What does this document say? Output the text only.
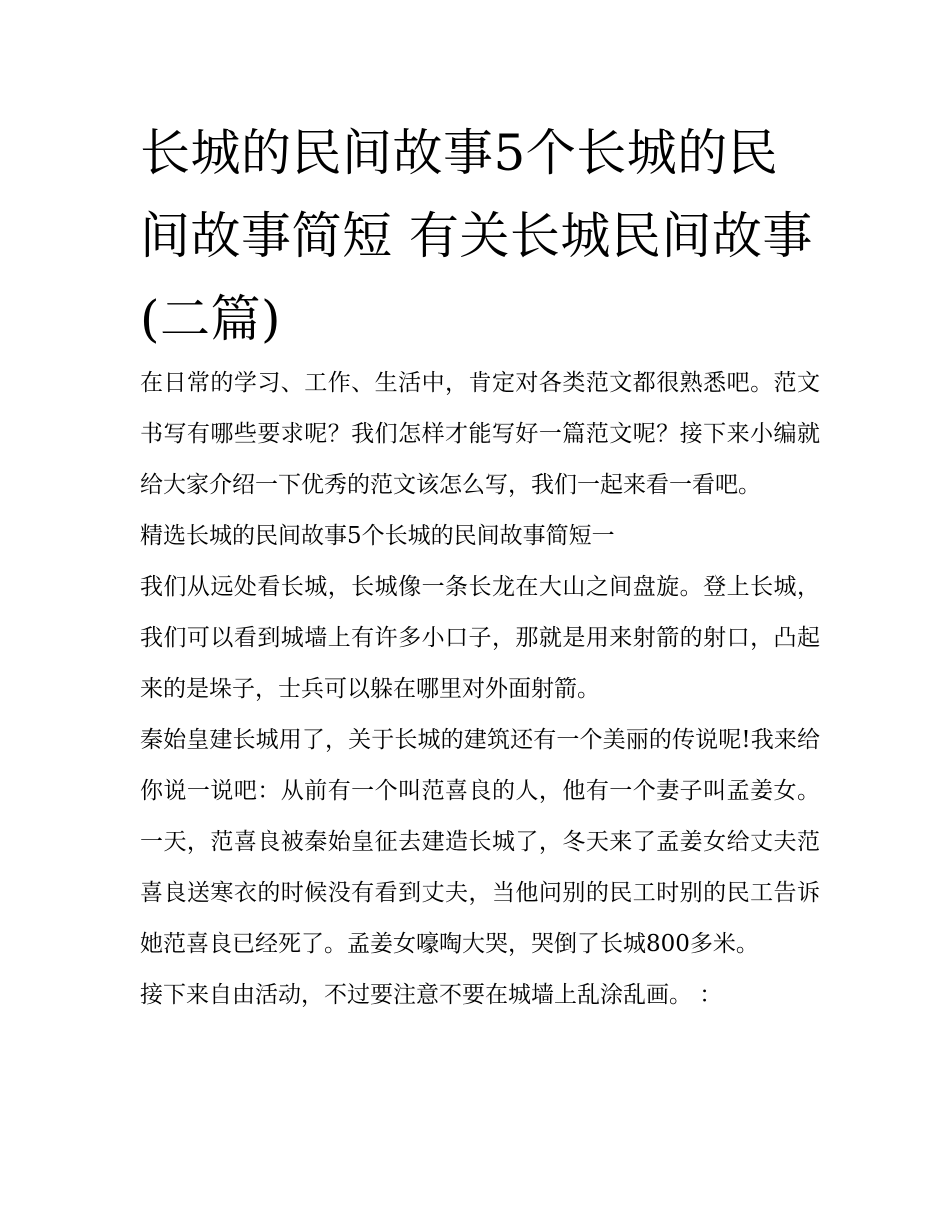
长城的民间故事5个长城的民间故事简短 有关长城民间故事(二篇)

在日常的学习、工作、生活中，肯定对各类范文都很熟悉吧。范文书写有哪些要求呢？我们怎样才能写好一篇范文呢？接下来小编就给大家介绍一下优秀的范文该怎么写，我们一起来看一看吧。

精选长城的民间故事5个长城的民间故事简短一

我们从远处看长城，长城像一条长龙在大山之间盘旋。登上长城，我们可以看到城墙上有许多小口子，那就是用来射箭的射口，凸起来的是垛子，士兵可以躲在哪里对外面射箭。

秦始皇建长城用了，关于长城的建筑还有一个美丽的传说呢!我来给你说一说吧：从前有一个叫范喜良的人，他有一个妻子叫孟姜女。一天，范喜良被秦始皇征去建造长城了，冬天来了孟姜女给丈夫范喜良送寒衣的时候没有看到丈夫，当他问别的民工时别的民工告诉她范喜良已经死了。孟姜女嚎啕大哭，哭倒了长城800多米。

接下来自由活动，不过要注意不要在城墙上乱涂乱画。 ：
